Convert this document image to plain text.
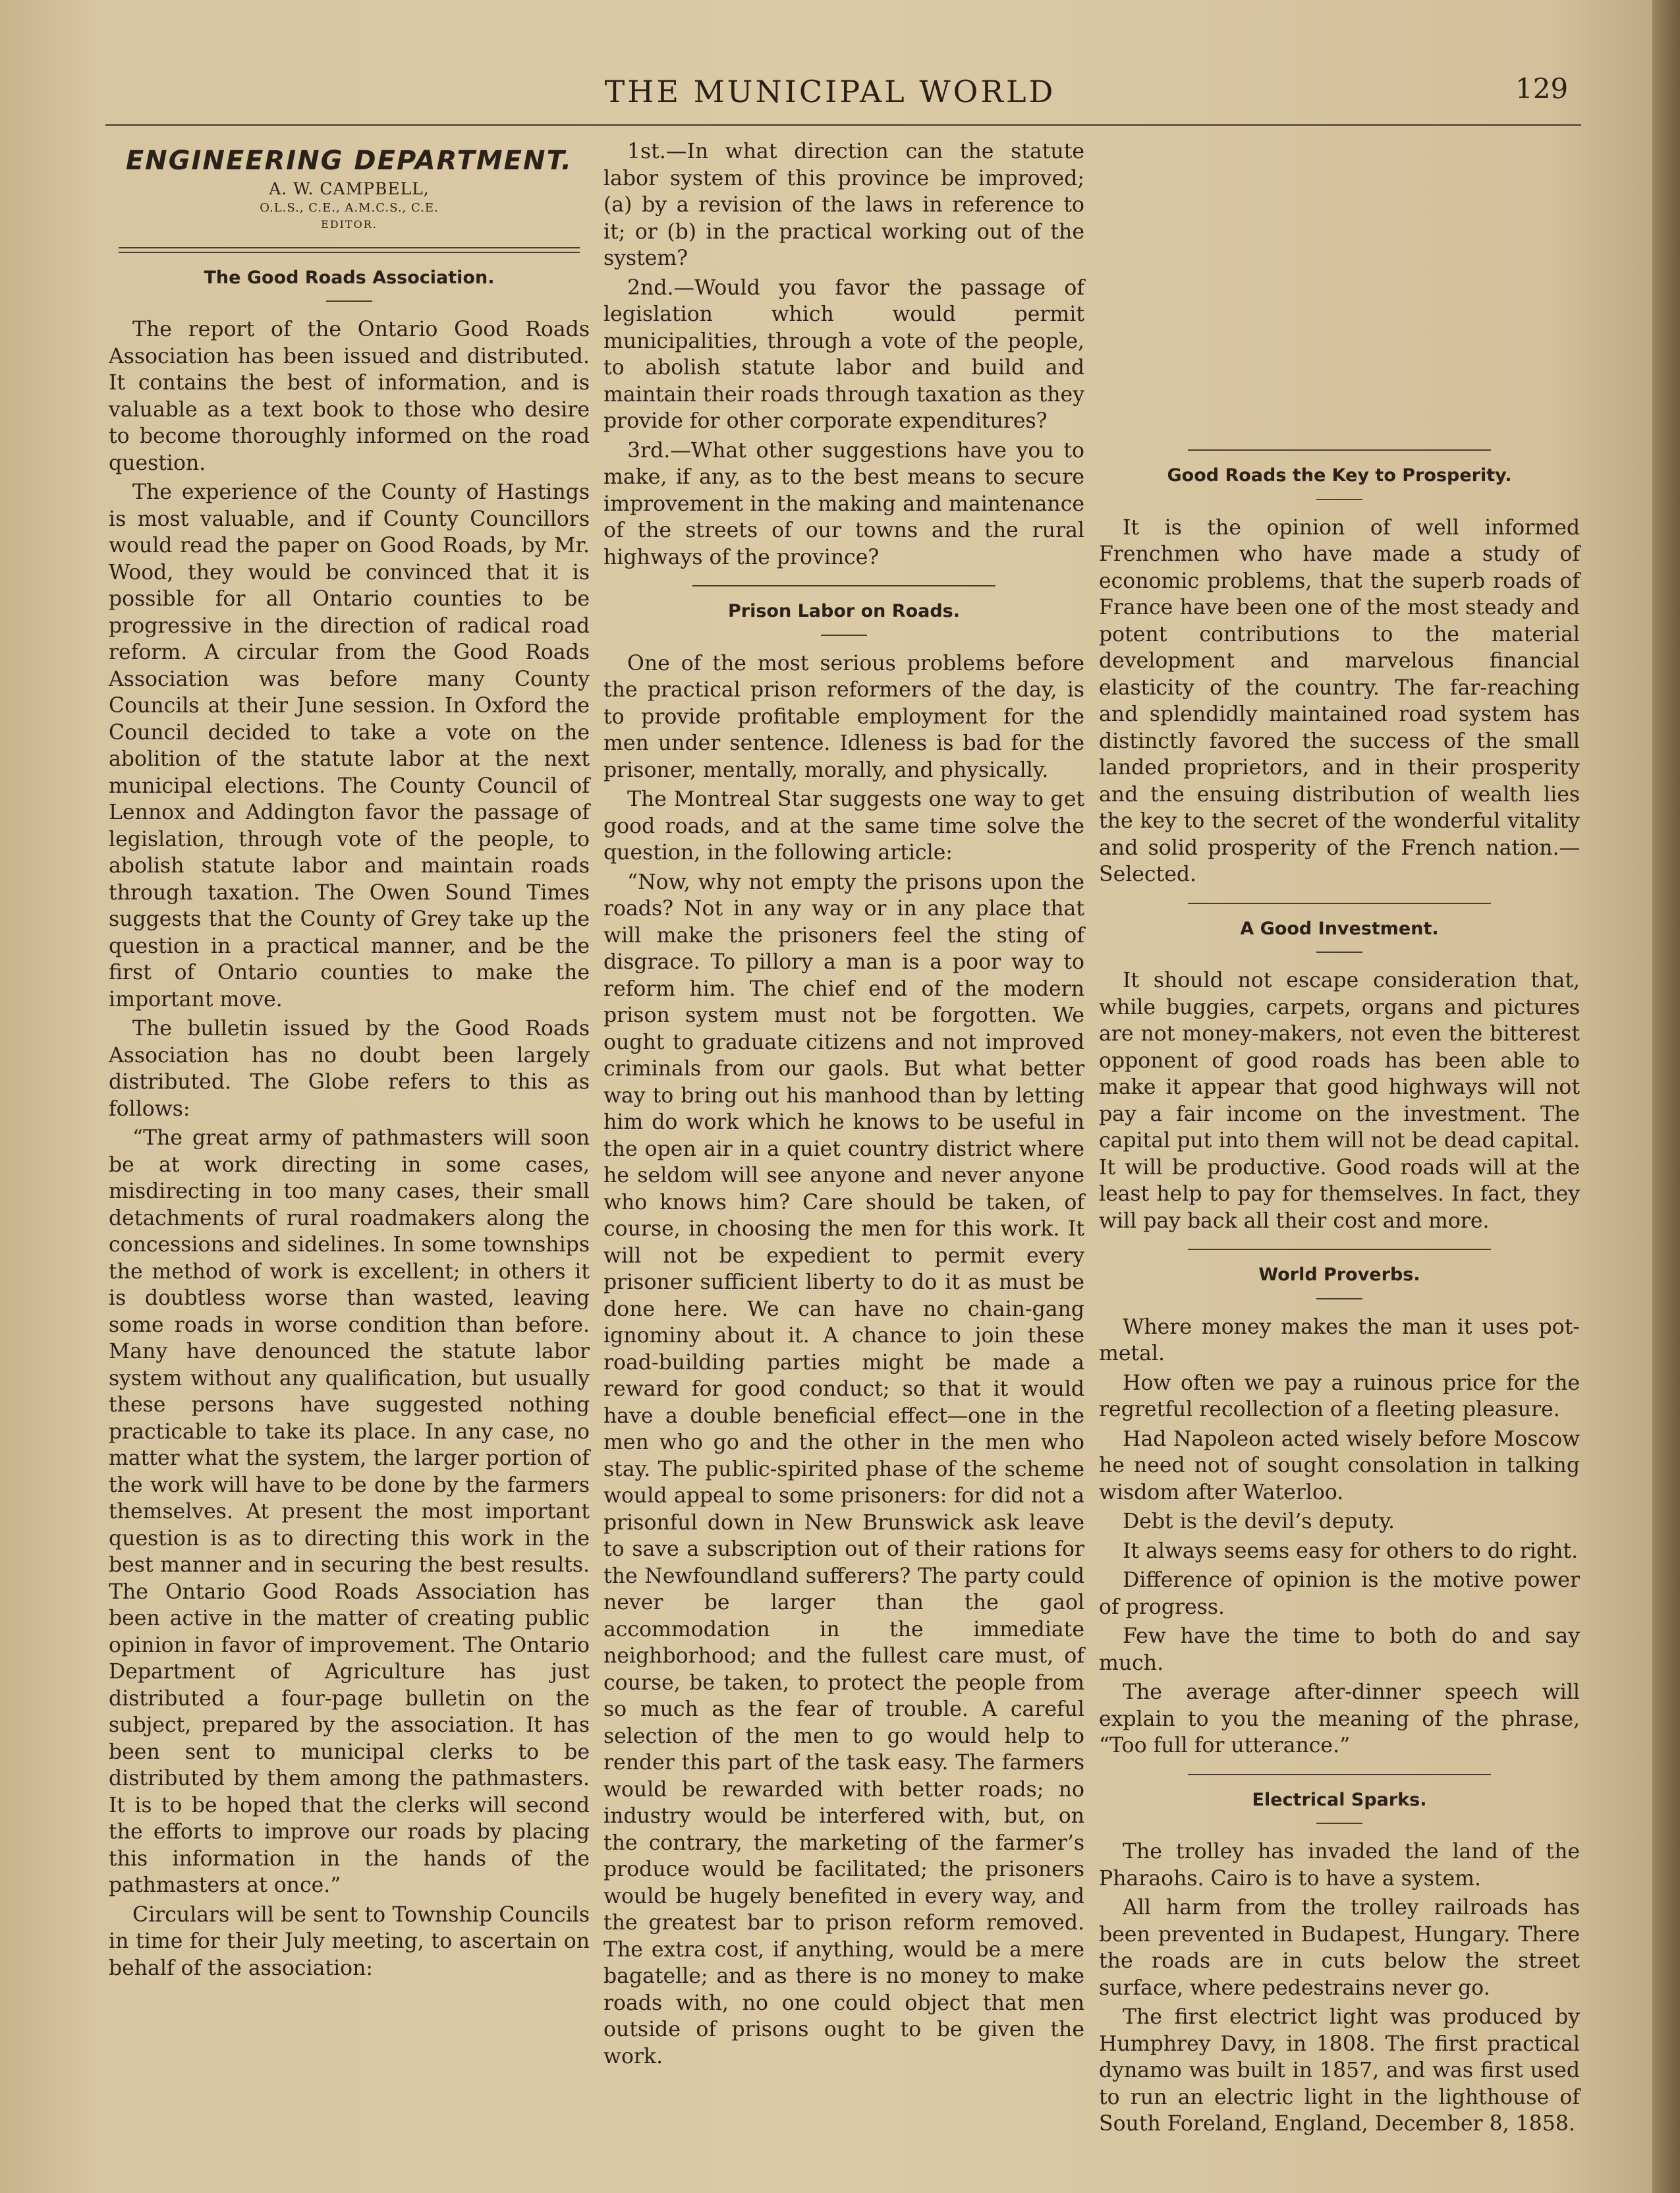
THE MUNICIPAL WORLD	129
ENGINEERING DEPARTMENT.
A. W. CAMPBELL,
O.L.S., C.E., A.M.C.S., C.E.
EDITOR.
The Good Roads Association.

The report of the Ontario Good Roads Association has been issued and distributed. It contains the best of information, and is valuable as a text book to those who desire to become thoroughly informed on the road question.

The experience of the County of Hastings is most valuable, and if County Councillors would read the paper on Good Roads, by Mr. Wood, they would be convinced that it is possible for all Ontario counties to be progressive in the direction of radical road reform. A circular from the Good Roads Association was before many County Councils at their June session. In Oxford the Council decided to take a vote on the abolition of the statute labor at the next municipal elections. The County Council of Lennox and Addington favor the passage of legislation, through vote of the people, to abolish statute labor and maintain roads through taxation. The Owen Sound Times suggests that the County of Grey take up the question in a practical manner, and be the first of Ontario counties to make the important move.

The bulletin issued by the Good Roads Association has no doubt been largely distributed. The Globe refers to this as follows:

“The great army of pathmasters will soon be at work directing in some cases, misdirecting in too many cases, their small detachments of rural roadmakers along the concessions and sidelines. In some townships the method of work is excellent; in others it is doubtless worse than wasted, leaving some roads in worse condition than before. Many have denounced the statute labor system without any qualification, but usually these persons have suggested nothing practicable to take its place. In any case, no matter what the system, the larger portion of the work will have to be done by the farmers themselves. At present the most important question is as to directing this work in the best manner and in securing the best results. The Ontario Good Roads Association has been active in the matter of creating public opinion in favor of improvement. The Ontario Department of Agriculture has just distributed a four-page bulletin on the subject, prepared by the association. It has been sent to municipal clerks to be distributed by them among the pathmasters. It is to be hoped that the clerks will second the efforts to improve our roads by placing this information in the hands of the pathmasters at once.”

Circulars will be sent to Township Councils in time for their July meeting, to ascertain on behalf of the association:

1st.—In what direction can the statute labor system of this province be improved; (a) by a revision of the laws in reference to it; or (b) in the practical working out of the system?

2nd.—Would you favor the passage of legislation which would permit municipalities, through a vote of the people, to abolish statute labor and build and maintain their roads through taxation as they provide for other corporate expenditures?

3rd.—What other suggestions have you to make, if any, as to the best means to secure improvement in the making and maintenance of the streets of our towns and the rural highways of the province?

Prison Labor on Roads.

One of the most serious problems before the practical prison reformers of the day, is to provide profitable employment for the men under sentence. Idleness is bad for the prisoner, mentally, morally, and physically.

The Montreal Star suggests one way to get good roads, and at the same time solve the question, in the following article:

“Now, why not empty the prisons upon the roads? Not in any way or in any place that will make the prisoners feel the sting of disgrace. To pillory a man is a poor way to reform him. The chief end of the modern prison system must not be forgotten. We ought to graduate citizens and not improved criminals from our gaols. But what better way to bring out his manhood than by letting him do work which he knows to be useful in the open air in a quiet country district where he seldom will see anyone and never anyone who knows him? Care should be taken, of course, in choosing the men for this work. It will not be expedient to permit every prisoner sufficient liberty to do it as must be done here. We can have no chain-gang ignominy about it. A chance to join these road-building parties might be made a reward for good conduct; so that it would have a double beneficial effect—one in the men who go and the other in the men who stay. The public-spirited phase of the scheme would appeal to some prisoners: for did not a prisonful down in New Brunswick ask leave to save a subscription out of their rations for the Newfoundland sufferers? The party could never be larger than the gaol accommodation in the immediate neighborhood; and the fullest care must, of course, be taken, to protect the people from so much as the fear of trouble. A careful selection of the men to go would help to render this part of the task easy. The farmers would be rewarded with better roads; no industry would be interfered with, but, on the contrary, the marketing of the farmer’s produce would be facilitated; the prisoners would be hugely benefited in every way, and the greatest bar to prison reform removed. The extra cost, if anything, would be a mere bagatelle; and as there is no money to make roads with, no one could object that men outside of prisons ought to be given the work.

Good Roads the Key to Prosperity.

It is the opinion of well informed Frenchmen who have made a study of economic problems, that the superb roads of France have been one of the most steady and potent contributions to the material development and marvelous financial elasticity of the country. The far-reaching and splendidly maintained road system has distinctly favored the success of the small landed proprietors, and in their prosperity and the ensuing distribution of wealth lies the key to the secret of the wonderful vitality and solid prosperity of the French nation.—Selected.

A Good Investment.

It should not escape consideration that, while buggies, carpets, organs and pictures are not money-makers, not even the bitterest opponent of good roads has been able to make it appear that good highways will not pay a fair income on the investment. The capital put into them will not be dead capital. It will be productive. Good roads will at the least help to pay for themselves. In fact, they will pay back all their cost and more.

World Proverbs.

Where money makes the man it uses pot-metal.

How often we pay a ruinous price for the regretful recollection of a fleeting pleasure.

Had Napoleon acted wisely before Moscow he need not of sought consolation in talking wisdom after Waterloo.

Debt is the devil’s deputy.

It always seems easy for others to do right.

Difference of opinion is the motive power of progress.

Few have the time to both do and say much.

The average after-dinner speech will explain to you the meaning of the phrase, “Too full for utterance.”

Electrical Sparks.

The trolley has invaded the land of the Pharaohs. Cairo is to have a system.

All harm from the trolley railroads has been prevented in Budapest, Hungary. There the roads are in cuts below the street surface, where pedestrains never go.

The first electrict light was produced by Humphrey Davy, in 1808. The first practical dynamo was built in 1857, and was first used to run an electric light in the lighthouse of South Foreland, England, December 8, 1858.
